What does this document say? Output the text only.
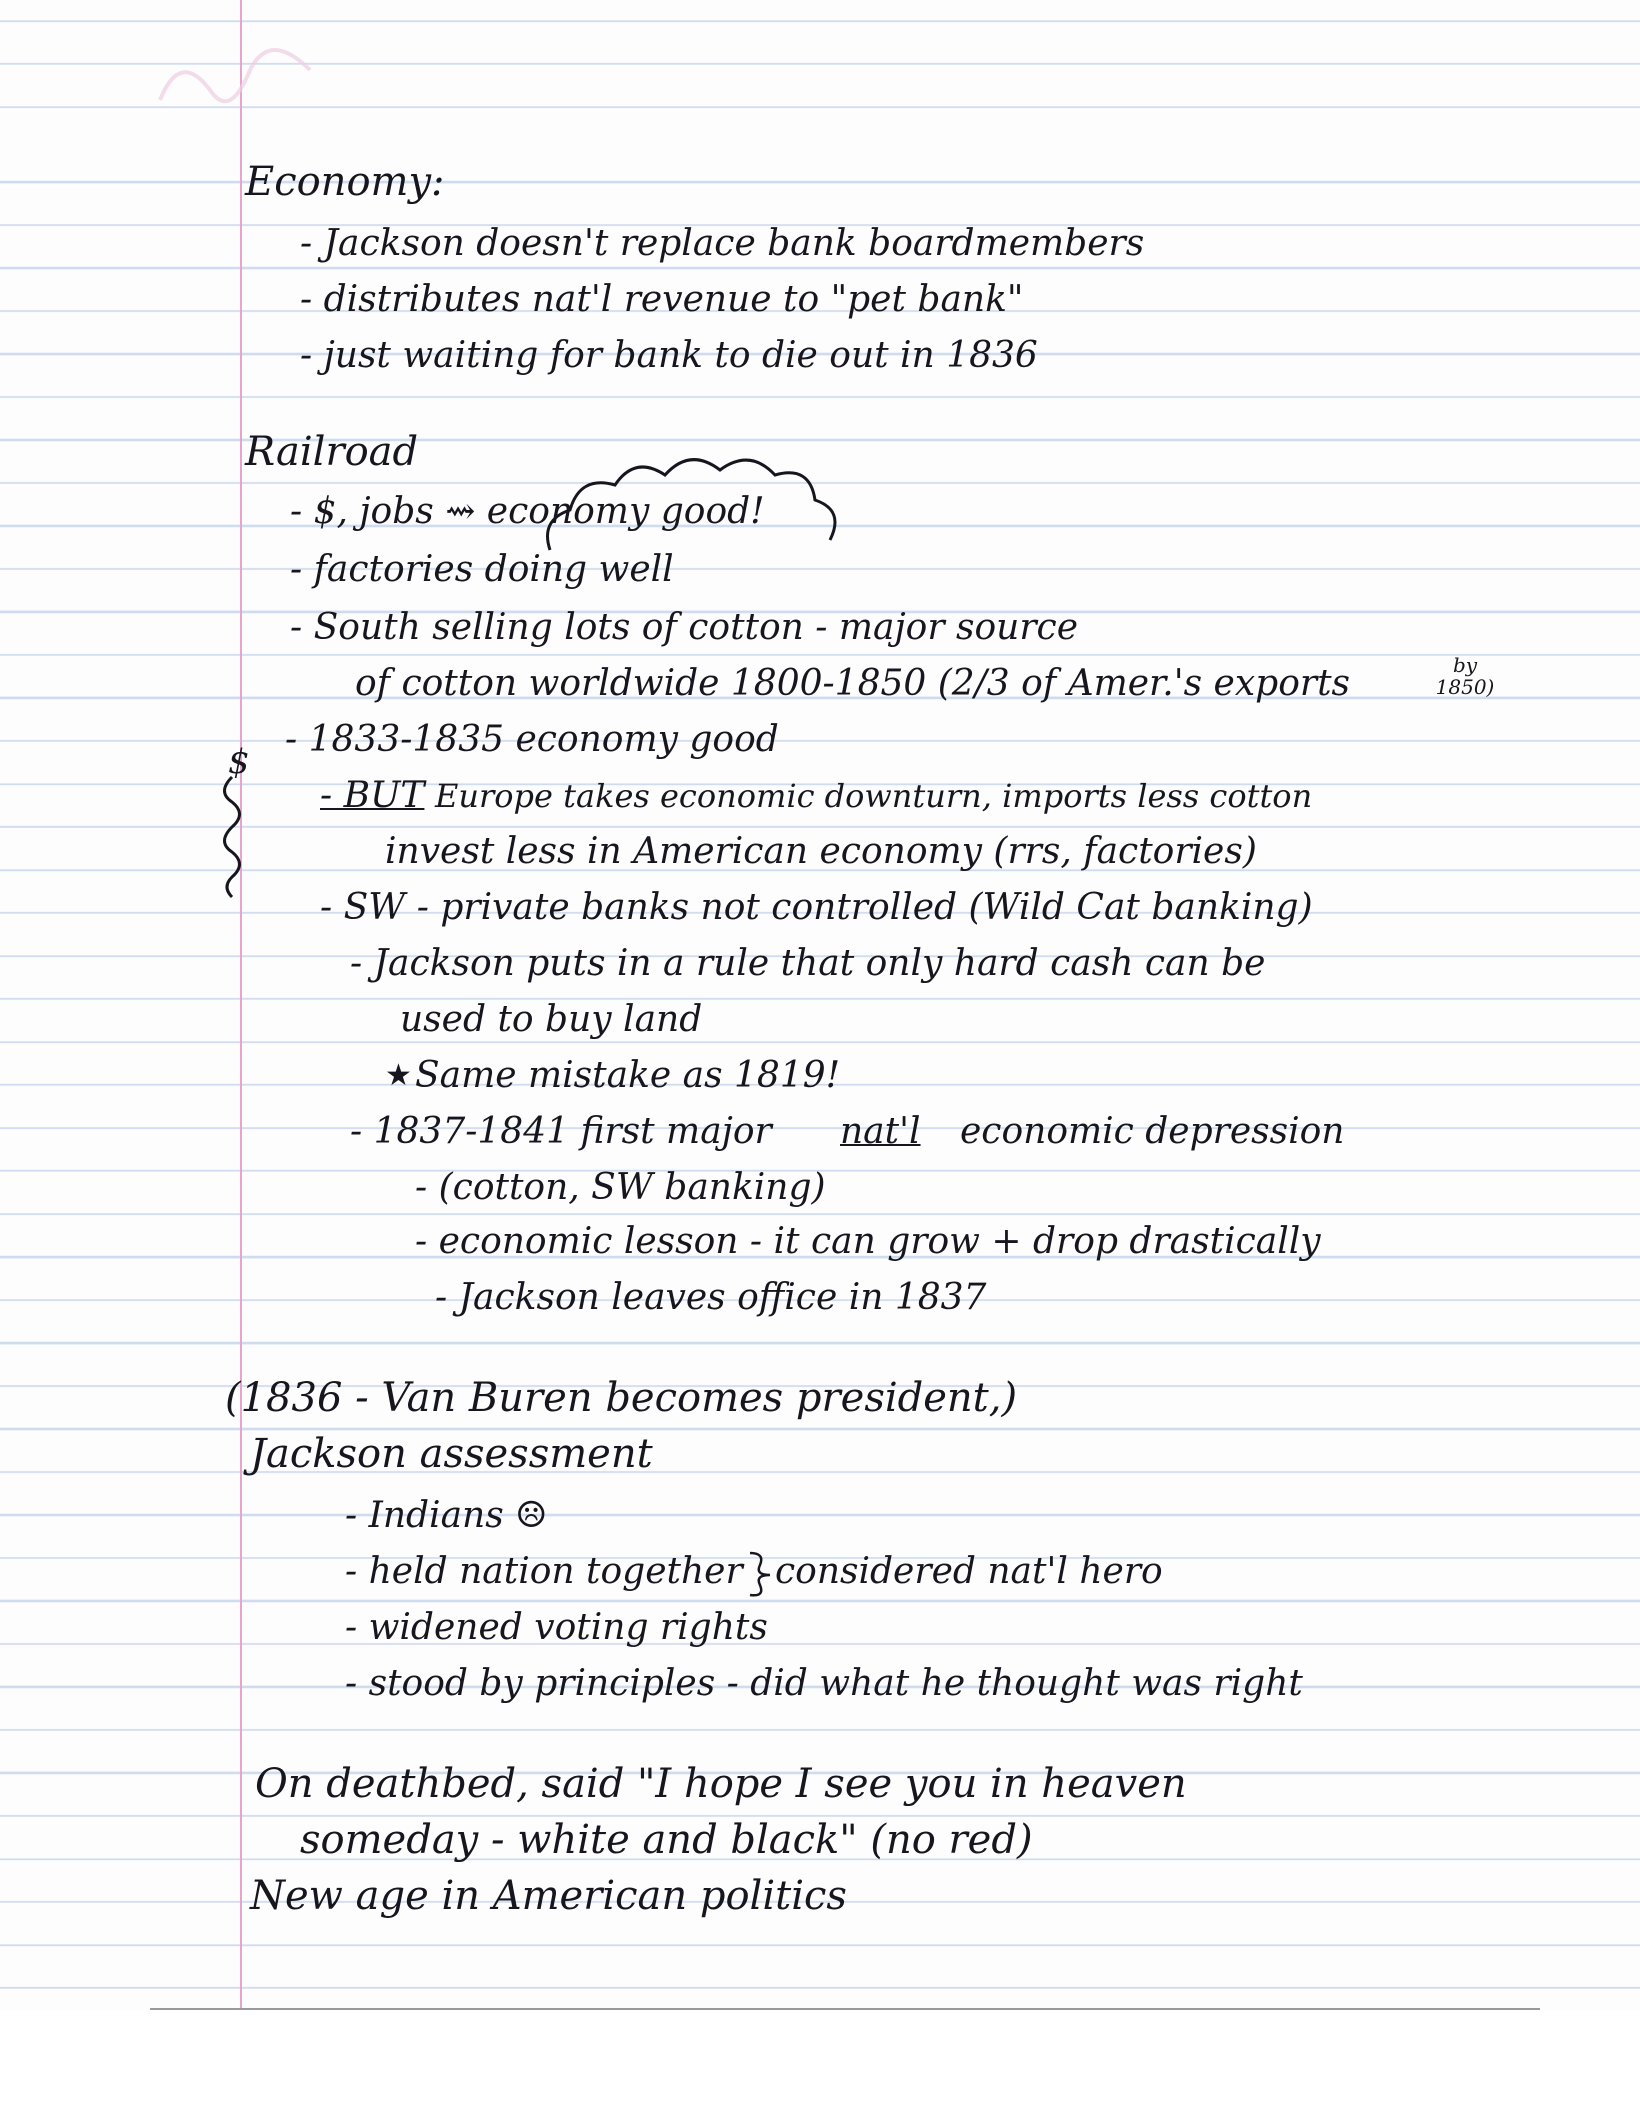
Economy:
- Jackson doesn't replace bank boardmembers
- distributes nat'l revenue to "pet bank"
- just waiting for bank to die out in 1836
Railroad
- $, jobs ⇝ economy good!
- factories doing well
- South selling lots of cotton - major source
of cotton worldwide 1800-1850 (2/3 of Amer.'s exports	by 1850)
- 1833-1835 economy good
$
- BUT Europe takes economic downturn, imports less cotton
invest less in American economy (rrs, factories)
- SW - private banks not controlled (Wild Cat banking)
- Jackson puts in a rule that only hard cash can be
used to buy land
★ Same mistake as 1819!
- 1837-1841 first major nat'l economic depression
- (cotton, SW banking)
- economic lesson - it can grow + drop drastically
- Jackson leaves office in 1837
(1836 - Van Buren becomes president,)
Jackson assessment
- Indians ☹
- held nation together considered nat'l hero
- widened voting rights
- stood by principles - did what he thought was right
On deathbed, said "I hope I see you in heaven
someday - white and black" (no red)
New age in American politics
